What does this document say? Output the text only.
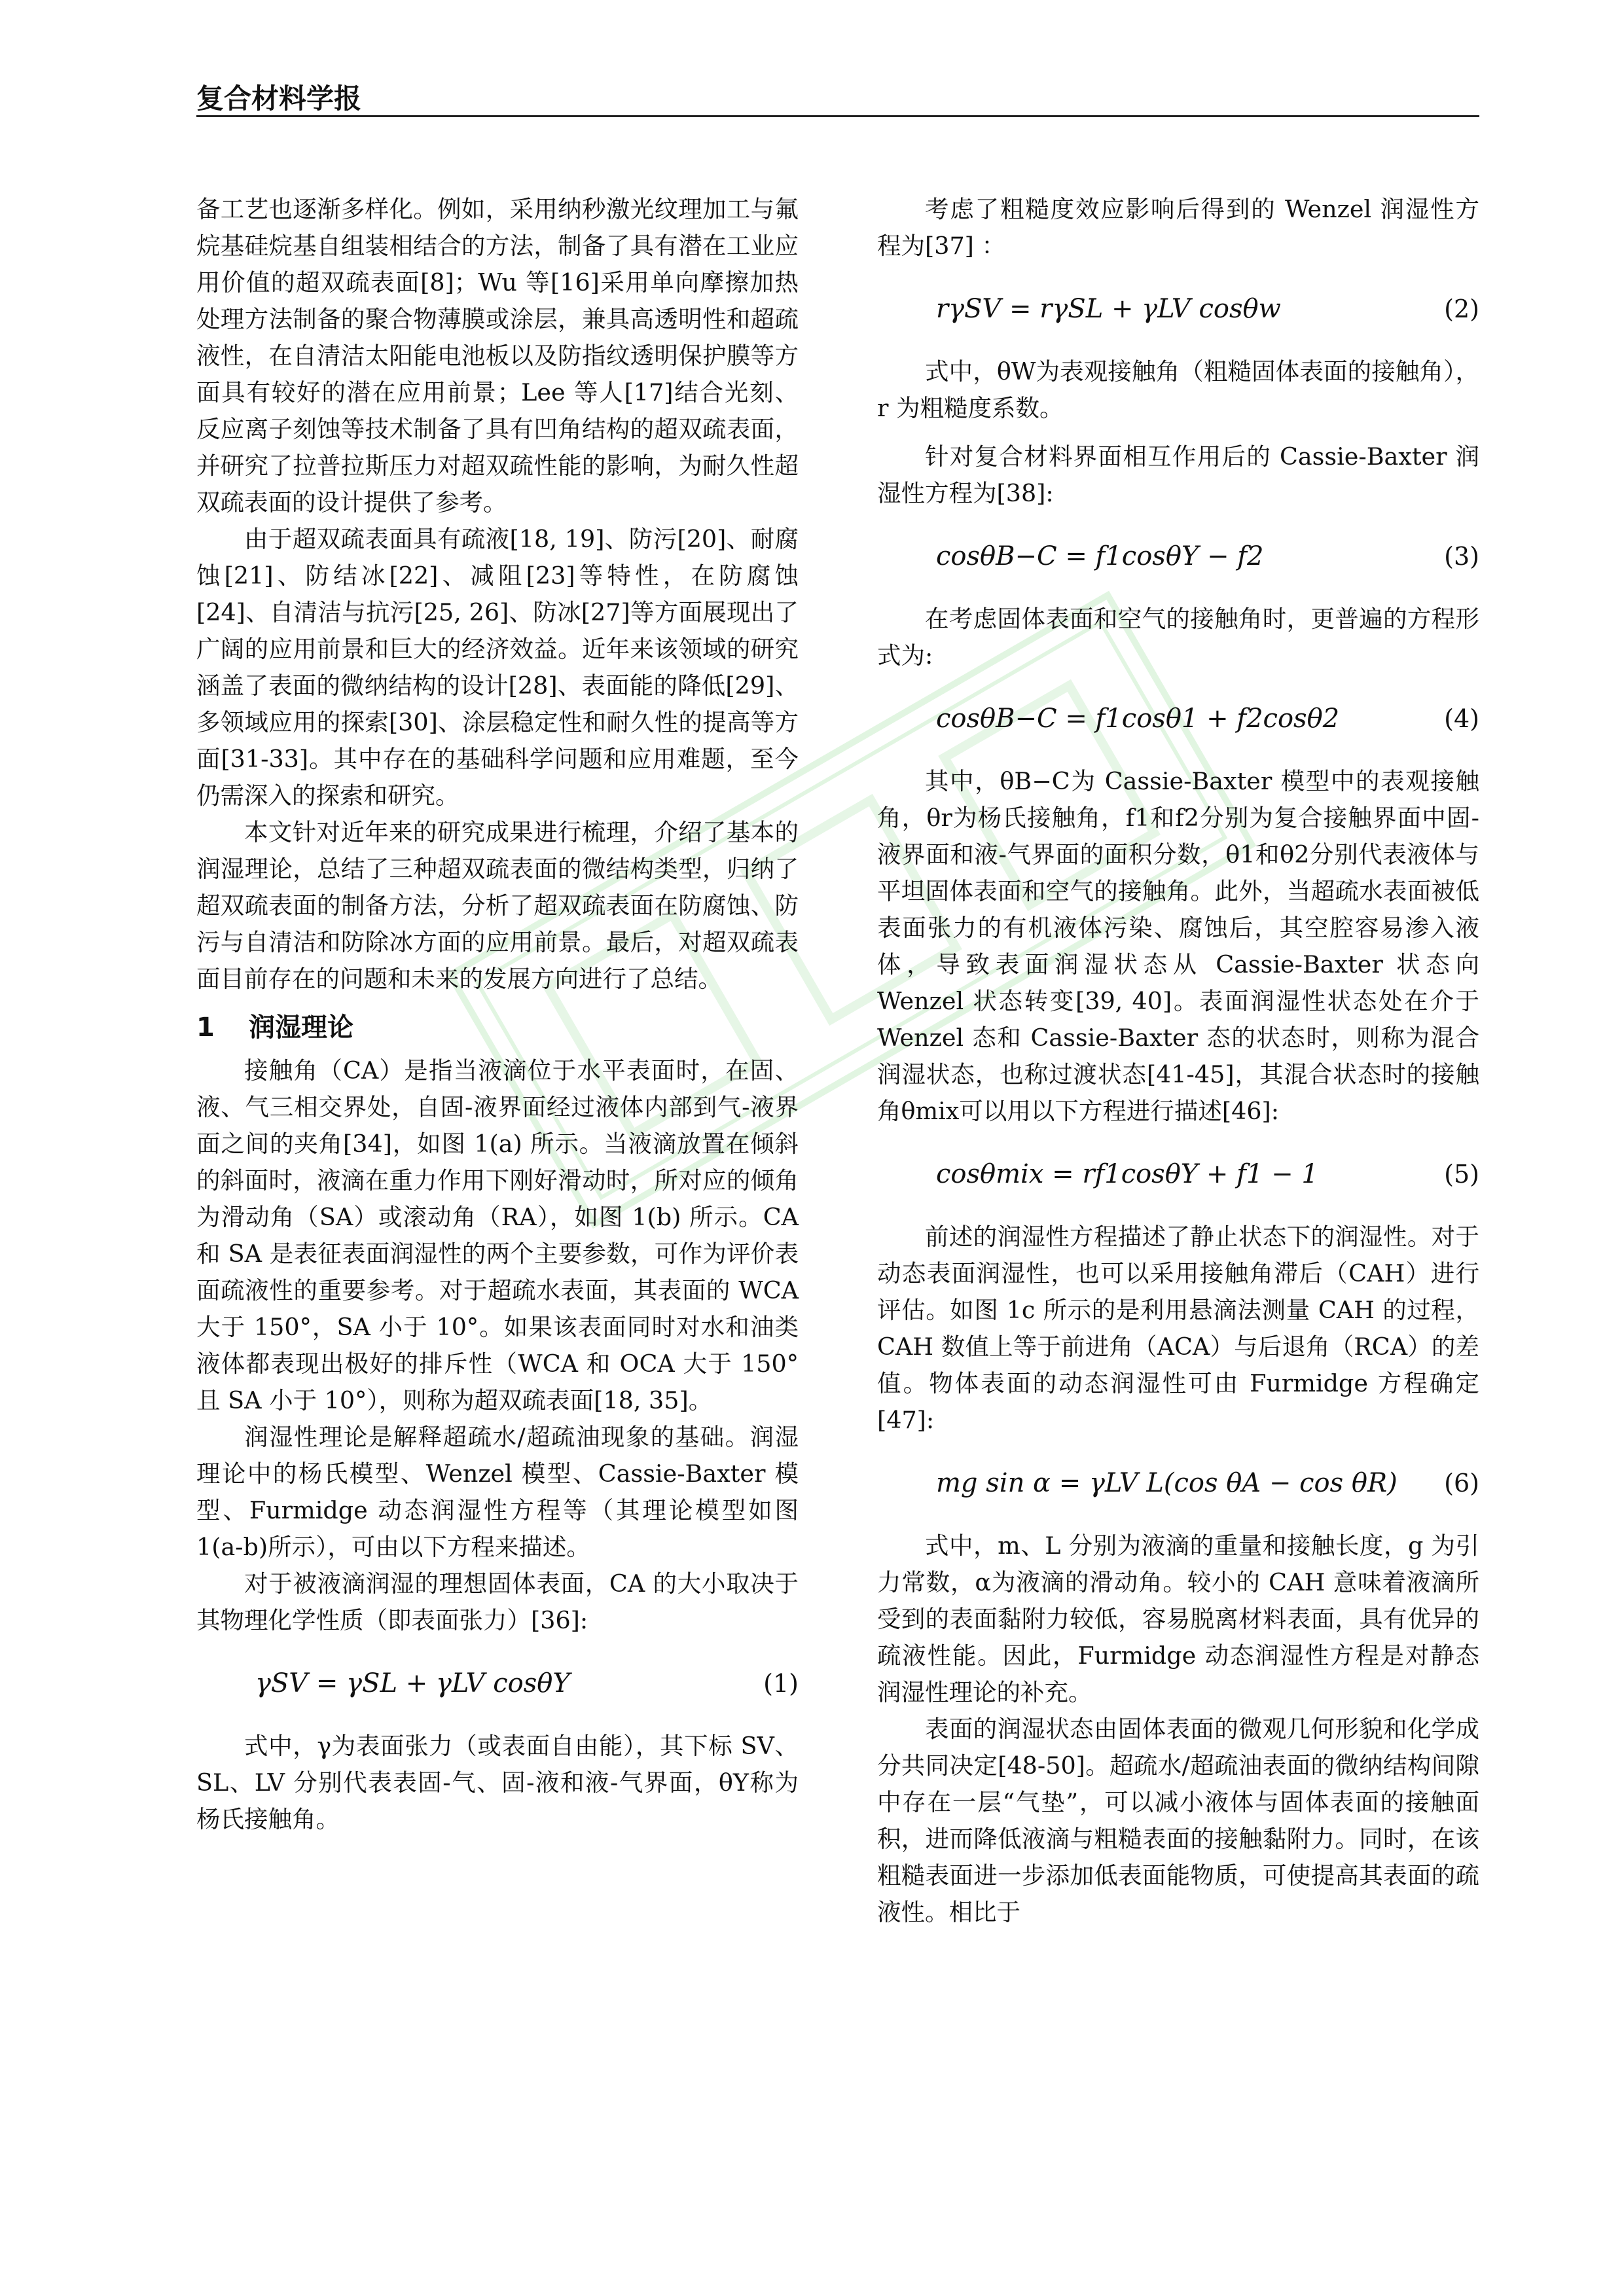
复合材料学报

备工艺也逐渐多样化。例如，采用纳秒激光纹理加工与氟烷基硅烷基自组装相结合的方法，制备了具有潜在工业应用价值的超双疏表面[8]；Wu 等[16]采用单向摩擦加热处理方法制备的聚合物薄膜或涂层，兼具高透明性和超疏液性，在自清洁太阳能电池板以及防指纹透明保护膜等方面具有较好的潜在应用前景；Lee 等人[17]结合光刻、反应离子刻蚀等技术制备了具有凹角结构的超双疏表面，并研究了拉普拉斯压力对超双疏性能的影响，为耐久性超双疏表面的设计提供了参考。

由于超双疏表面具有疏液[18, 19]、防污[20]、耐腐蚀[21]、防结冰[22]、减阻[23]等特性，在防腐蚀[24]、自清洁与抗污[25, 26]、防冰[27]等方面展现出了广阔的应用前景和巨大的经济效益。近年来该领域的研究涵盖了表面的微纳结构的设计[28]、表面能的降低[29]、多领域应用的探索[30]、涂层稳定性和耐久性的提高等方面[31-33]。其中存在的基础科学问题和应用难题，至今仍需深入的探索和研究。

本文针对近年来的研究成果进行梳理，介绍了基本的润湿理论，总结了三种超双疏表面的微结构类型，归纳了超双疏表面的制备方法，分析了超双疏表面在防腐蚀、防污与自清洁和防除冰方面的应用前景。最后，对超双疏表面目前存在的问题和未来的发展方向进行了总结。

1 润湿理论

接触角（CA）是指当液滴位于水平表面时，在固、液、气三相交界处，自固-液界面经过液体内部到气-液界面之间的夹角[34]，如图 1(a) 所示。当液滴放置在倾斜的斜面时，液滴在重力作用下刚好滑动时，所对应的倾角为滑动角（SA）或滚动角（RA），如图 1(b) 所示。CA 和 SA 是表征表面润湿性的两个主要参数，可作为评价表面疏液性的重要参考。对于超疏水表面，其表面的 WCA 大于 150°，SA 小于 10°。如果该表面同时对水和油类液体都表现出极好的排斥性（WCA 和 OCA 大于 150° 且 SA 小于 10°），则称为超双疏表面[18, 35]。

润湿性理论是解释超疏水/超疏油现象的基础。润湿理论中的杨氏模型、Wenzel 模型、Cassie-Baxter 模型、Furmidge 动态润湿性方程等（其理论模型如图 1(a-b)所示），可由以下方程来描述。

对于被液滴润湿的理想固体表面，CA 的大小取决于其物理化学性质（即表面张力）[36]:

γSV = γSL + γLV cosθY	(1)

式中，γ为表面张力（或表面自由能），其下标 SV、SL、LV 分别代表表固-气、固-液和液-气界面，θY称为杨氏接触角。

考虑了粗糙度效应影响后得到的 Wenzel 润湿性方程为[37] ：

rγSV = rγSL + γLV cosθw	(2)

式中，θW为表观接触角（粗糙固体表面的接触角），r 为粗糙度系数。

针对复合材料界面相互作用后的 Cassie-Baxter 润湿性方程为[38]:

cosθB−C = f1cosθY − f2	(3)

在考虑固体表面和空气的接触角时，更普遍的方程形式为:

cosθB−C = f1cosθ1 + f2cosθ2	(4)

其中，θB−C为 Cassie-Baxter 模型中的表观接触角，θr为杨氏接触角，f1和f2分别为复合接触界面中固-液界面和液-气界面的面积分数，θ1和θ2分别代表液体与平坦固体表面和空气的接触角。此外，当超疏水表面被低表面张力的有机液体污染、腐蚀后，其空腔容易渗入液体，导致表面润湿状态从 Cassie-Baxter 状态向 Wenzel 状态转变[39, 40]。表面润湿性状态处在介于 Wenzel 态和 Cassie-Baxter 态的状态时，则称为混合润湿状态，也称过渡状态[41-45]，其混合状态时的接触角θmix可以用以下方程进行描述[46]:

cosθmix = rf1cosθY + f1 − 1	(5)

前述的润湿性方程描述了静止状态下的润湿性。对于动态表面润湿性，也可以采用接触角滞后（CAH）进行评估。如图 1c 所示的是利用悬滴法测量 CAH 的过程，CAH 数值上等于前进角（ACA）与后退角（RCA）的差值。物体表面的动态润湿性可由 Furmidge 方程确定[47]:

mg sin α = γLV L(cos θA − cos θR) (6)

式中，m、L 分别为液滴的重量和接触长度，g 为引力常数，α为液滴的滑动角。较小的 CAH 意味着液滴所受到的表面黏附力较低，容易脱离材料表面，具有优异的疏液性能。因此，Furmidge 动态润湿性方程是对静态润湿性理论的补充。

表面的润湿状态由固体表面的微观几何形貌和化学成分共同决定[48-50]。超疏水/超疏油表面的微纳结构间隙中存在一层“气垫”，可以减小液体与固体表面的接触面积，进而降低液滴与粗糙表面的接触黏附力。同时，在该粗糙表面进一步添加低表面能物质，可使提高其表面的疏液性。相比于
